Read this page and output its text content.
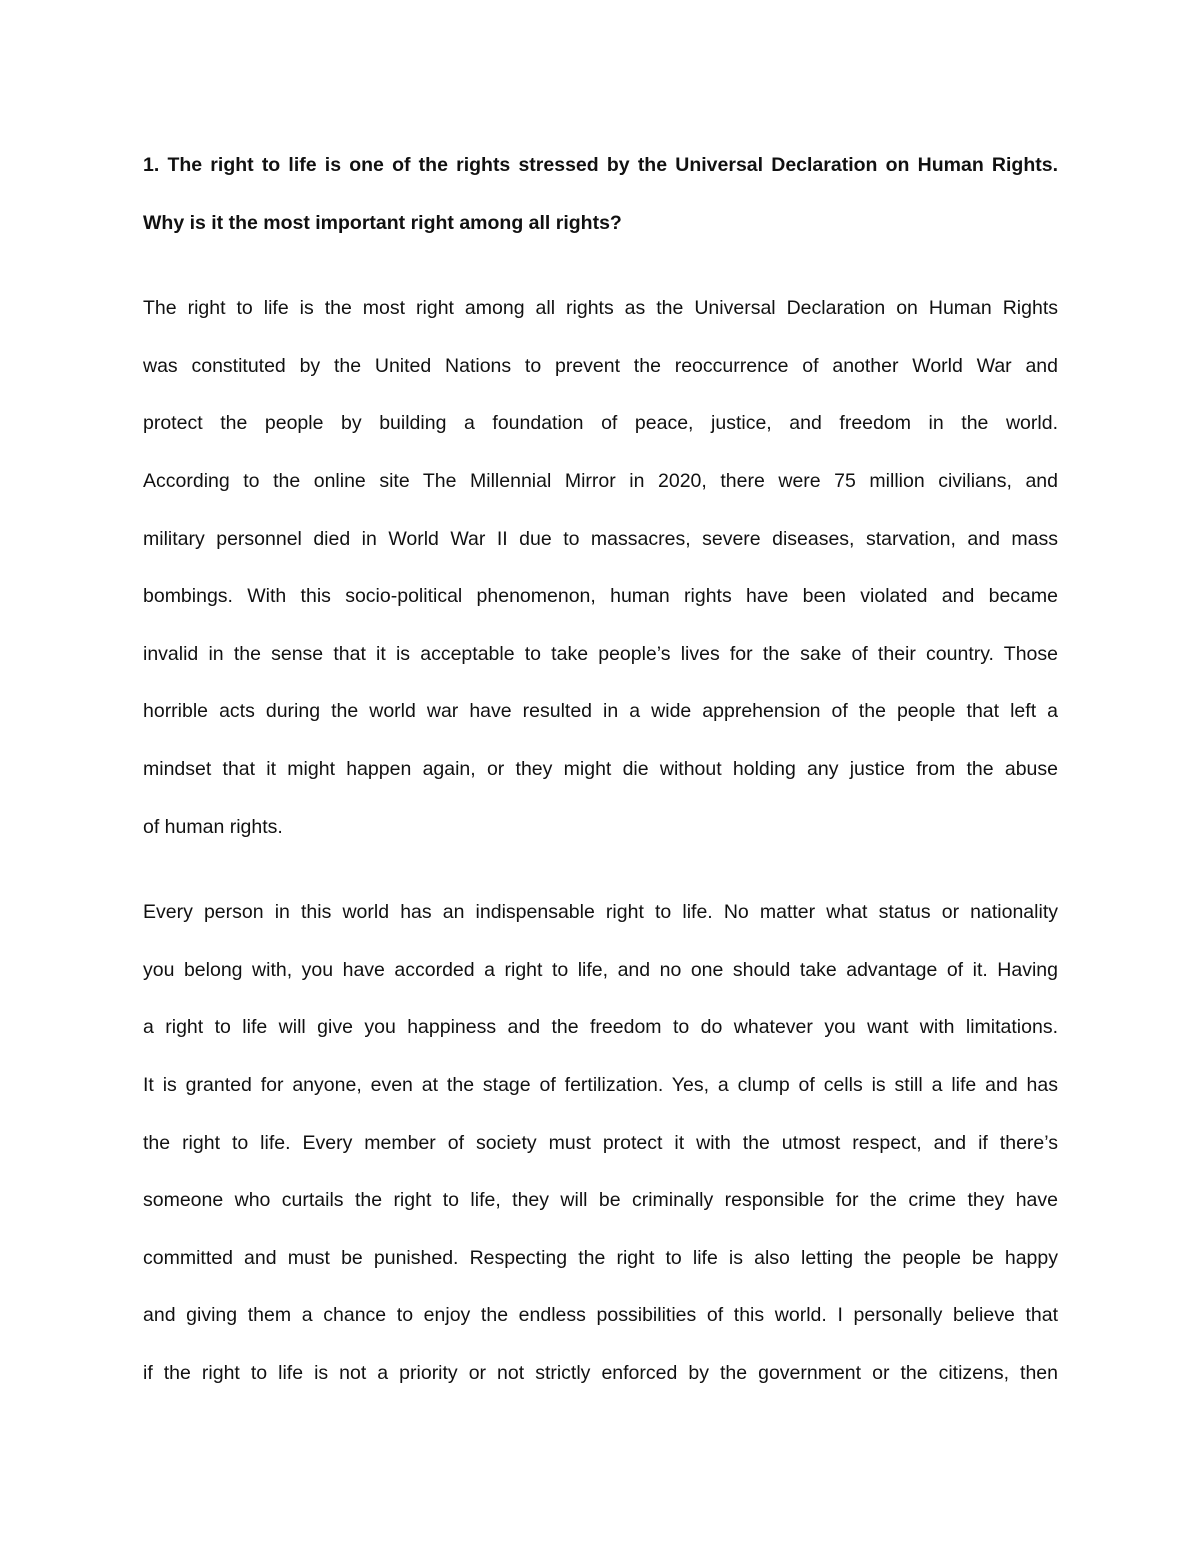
1. The right to life is one of the rights stressed by the Universal Declaration on Human Rights.
Why is it the most important right among all rights?
The right to life is the most right among all rights as the Universal Declaration on Human Rights
was constituted by the United Nations to prevent the reoccurrence of another World War and
protect the people by building a foundation of peace, justice, and freedom in the world.
According to the online site The Millennial Mirror in 2020, there were 75 million civilians, and
military personnel died in World War II due to massacres, severe diseases, starvation, and mass
bombings. With this socio-political phenomenon, human rights have been violated and became
invalid in the sense that it is acceptable to take people’s lives for the sake of their country. Those
horrible acts during the world war have resulted in a wide apprehension of the people that left a
mindset that it might happen again, or they might die without holding any justice from the abuse
of human rights.
Every person in this world has an indispensable right to life. No matter what status or nationality
you belong with, you have accorded a right to life, and no one should take advantage of it. Having
a right to life will give you happiness and the freedom to do whatever you want with limitations.
It is granted for anyone, even at the stage of fertilization. Yes, a clump of cells is still a life and has
the right to life. Every member of society must protect it with the utmost respect, and if there’s
someone who curtails the right to life, they will be criminally responsible for the crime they have
committed and must be punished. Respecting the right to life is also letting the people be happy
and giving them a chance to enjoy the endless possibilities of this world. I personally believe that
if the right to life is not a priority or not strictly enforced by the government or the citizens, then
